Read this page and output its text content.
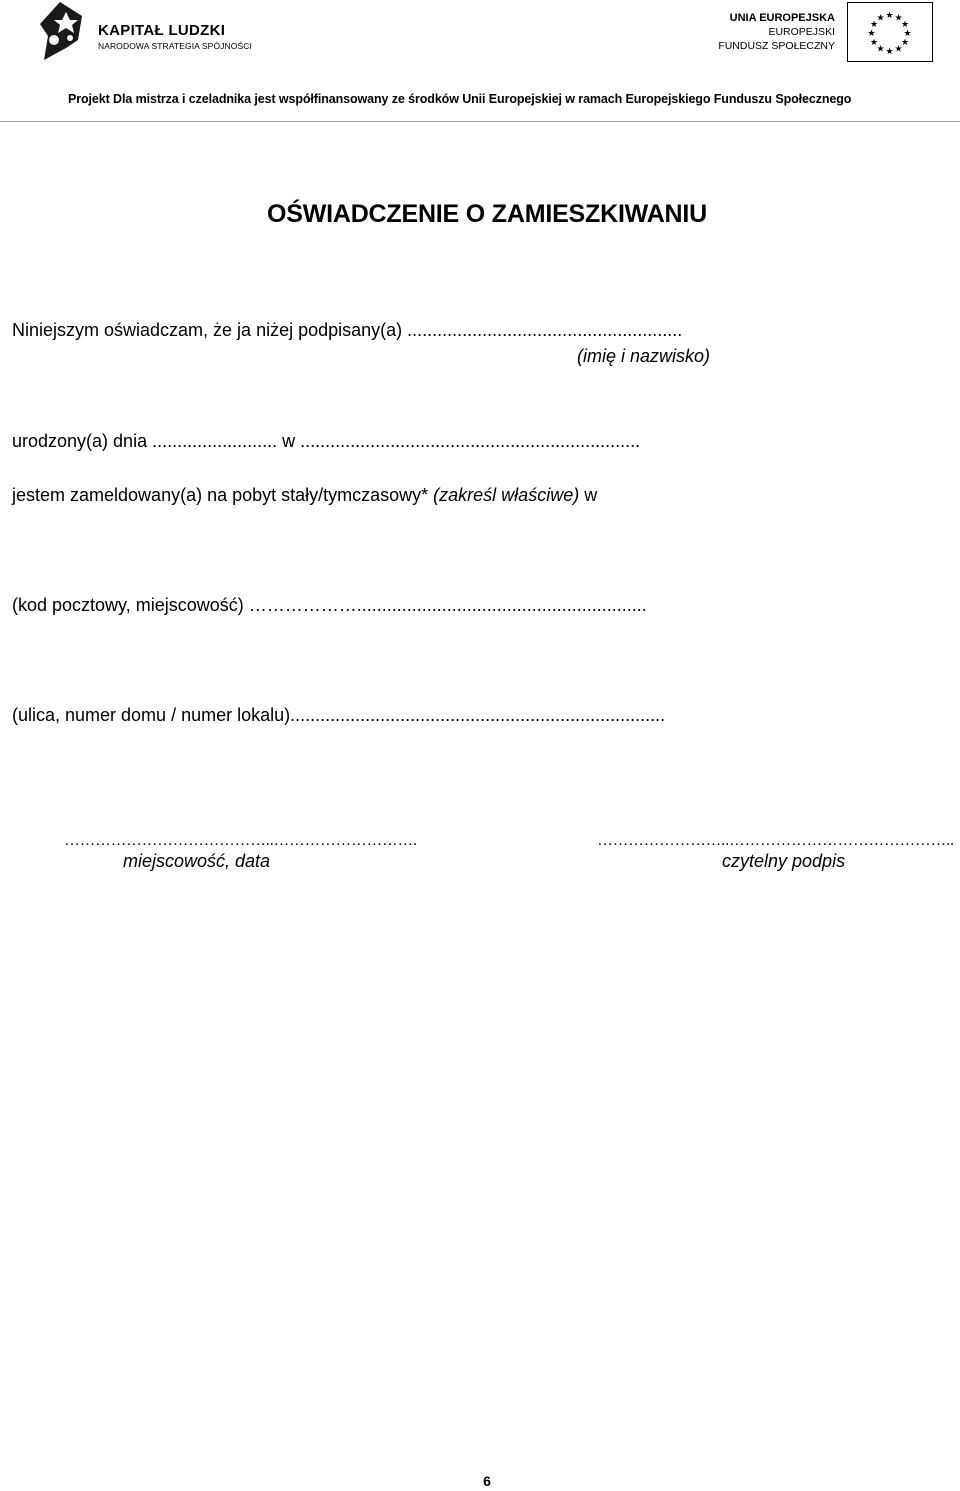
KAPITAŁ LUDZKI
NARODOWA STRATEGIA SPÓJNOŚCI
UNIA EUROPEJSKA
EUROPEJSKI
FUNDUSZ SPOŁECZNY
★ ★
★
★
★
★
★
★
★
★
★
★
Projekt Dla mistrza i czeladnika jest współfinansowany ze środków Unii Europejskiej w ramach Europejskiego Funduszu Społecznego
OŚWIADCZENIE O ZAMIESZKIWANIU
Niniejszym oświadczam, że ja niżej podpisany(a) .......................................................
(imię i nazwisko)
urodzony(a) dnia ......................... w ....................................................................
jestem zameldowany(a) na pobyt stały/tymczasowy* (zakreśl właściwe) w
(kod pocztowy, miejscowość) ………………..........................................................
(ulica, numer domu / numer lokalu)...........................................................................
…………………………………..……………………….	……………………..……………………………………..
miejscowość, data	czytelny podpis
6
